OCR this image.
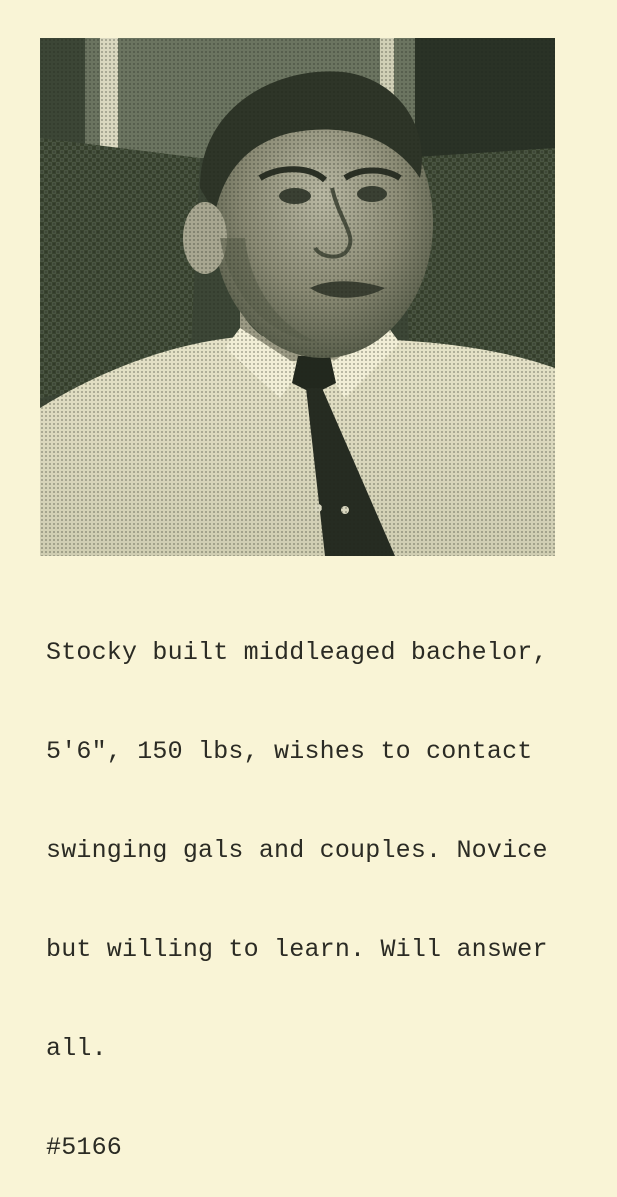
Stocky built middleaged bachelor,

5'6", 150 lbs, wishes to contact

swinging gals and couples. Novice

but willing to learn. Will answer

all.

#5166
